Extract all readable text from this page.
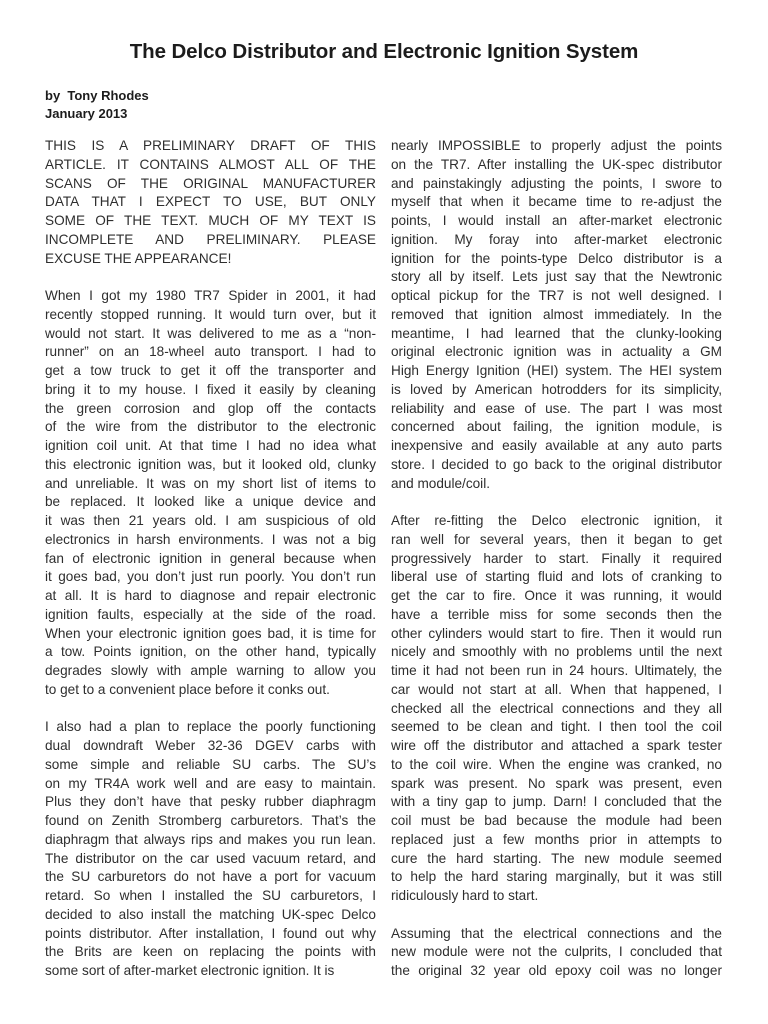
The Delco Distributor and Electronic Ignition System
by  Tony Rhodes
January 2013
THIS IS A PRELIMINARY DRAFT OF THIS
ARTICLE. IT CONTAINS ALMOST ALL OF THE
SCANS OF THE ORIGINAL MANUFACTURER
DATA THAT I EXPECT TO USE, BUT ONLY
SOME OF THE TEXT. MUCH OF MY TEXT IS
INCOMPLETE AND PRELIMINARY. PLEASE
EXCUSE THE APPEARANCE!
When I got my 1980 TR7 Spider in 2001, it had
recently stopped running. It would turn over, but it
would not start. It was delivered to me as a “non-
runner” on an 18-wheel auto transport. I had to
get a tow truck to get it off the transporter and
bring it to my house. I fixed it easily by cleaning
the green corrosion and glop off the contacts
of the wire from the distributor to the electronic
ignition coil unit. At that time I had no idea what
this electronic ignition was, but it looked old, clunky
and unreliable. It was on my short list of items to
be replaced. It looked like a unique device and
it was then 21 years old. I am suspicious of old
electronics in harsh environments. I was not a big
fan of electronic ignition in general because when
it goes bad, you don’t just run poorly. You don’t run
at all. It is hard to diagnose and repair electronic
ignition faults, especially at the side of the road.
When your electronic ignition goes bad, it is time for
a tow. Points ignition, on the other hand, typically
degrades slowly with ample warning to allow you
to get to a convenient place before it conks out.
I also had a plan to replace the poorly functioning
dual downdraft Weber 32-36 DGEV carbs with
some simple and reliable SU carbs. The SU’s
on my TR4A work well and are easy to maintain.
Plus they don’t have that pesky rubber diaphragm
found on Zenith Stromberg carburetors. That’s the
diaphragm that always rips and makes you run lean.
The distributor on the car used vacuum retard, and
the SU carburetors do not have a port for vacuum
retard. So when I installed the SU carburetors, I
decided to also install the matching UK-spec Delco
points distributor. After installation, I found out why
the Brits are keen on replacing the points with
some sort of after-market electronic ignition. It is
nearly IMPOSSIBLE to properly adjust the points
on the TR7. After installing the UK-spec distributor
and painstakingly adjusting the points, I swore to
myself that when it became time to re-adjust the
points, I would install an after-market electronic
ignition. My foray into after-market electronic
ignition for the points-type Delco distributor is a
story all by itself. Lets just say that the Newtronic
optical pickup for the TR7 is not well designed. I
removed that ignition almost immediately. In the
meantime, I had learned that the clunky-looking
original electronic ignition was in actuality a GM
High Energy Ignition (HEI) system. The HEI system
is loved by American hotrodders for its simplicity,
reliability and ease of use. The part I was most
concerned about failing, the ignition module, is
inexpensive and easily available at any auto parts
store. I decided to go back to the original distributor
and module/coil.
After re-fitting the Delco electronic ignition, it
ran well for several years, then it began to get
progressively harder to start. Finally it required
liberal use of starting fluid and lots of cranking to
get the car to fire. Once it was running, it would
have a terrible miss for some seconds then the
other cylinders would start to fire. Then it would run
nicely and smoothly with no problems until the next
time it had not been run in 24 hours. Ultimately, the
car would not start at all. When that happened, I
checked all the electrical connections and they all
seemed to be clean and tight. I then tool the coil
wire off the distributor and attached a spark tester
to the coil wire. When the engine was cranked, no
spark was present. No spark was present, even
with a tiny gap to jump. Darn! I concluded that the
coil must be bad because the module had been
replaced just a few months prior in attempts to
cure the hard starting. The new module seemed
to help the hard staring marginally, but it was still
ridiculously hard to start.
Assuming that the electrical connections and the
new module were not the culprits, I concluded that
the original 32 year old epoxy coil was no longer
